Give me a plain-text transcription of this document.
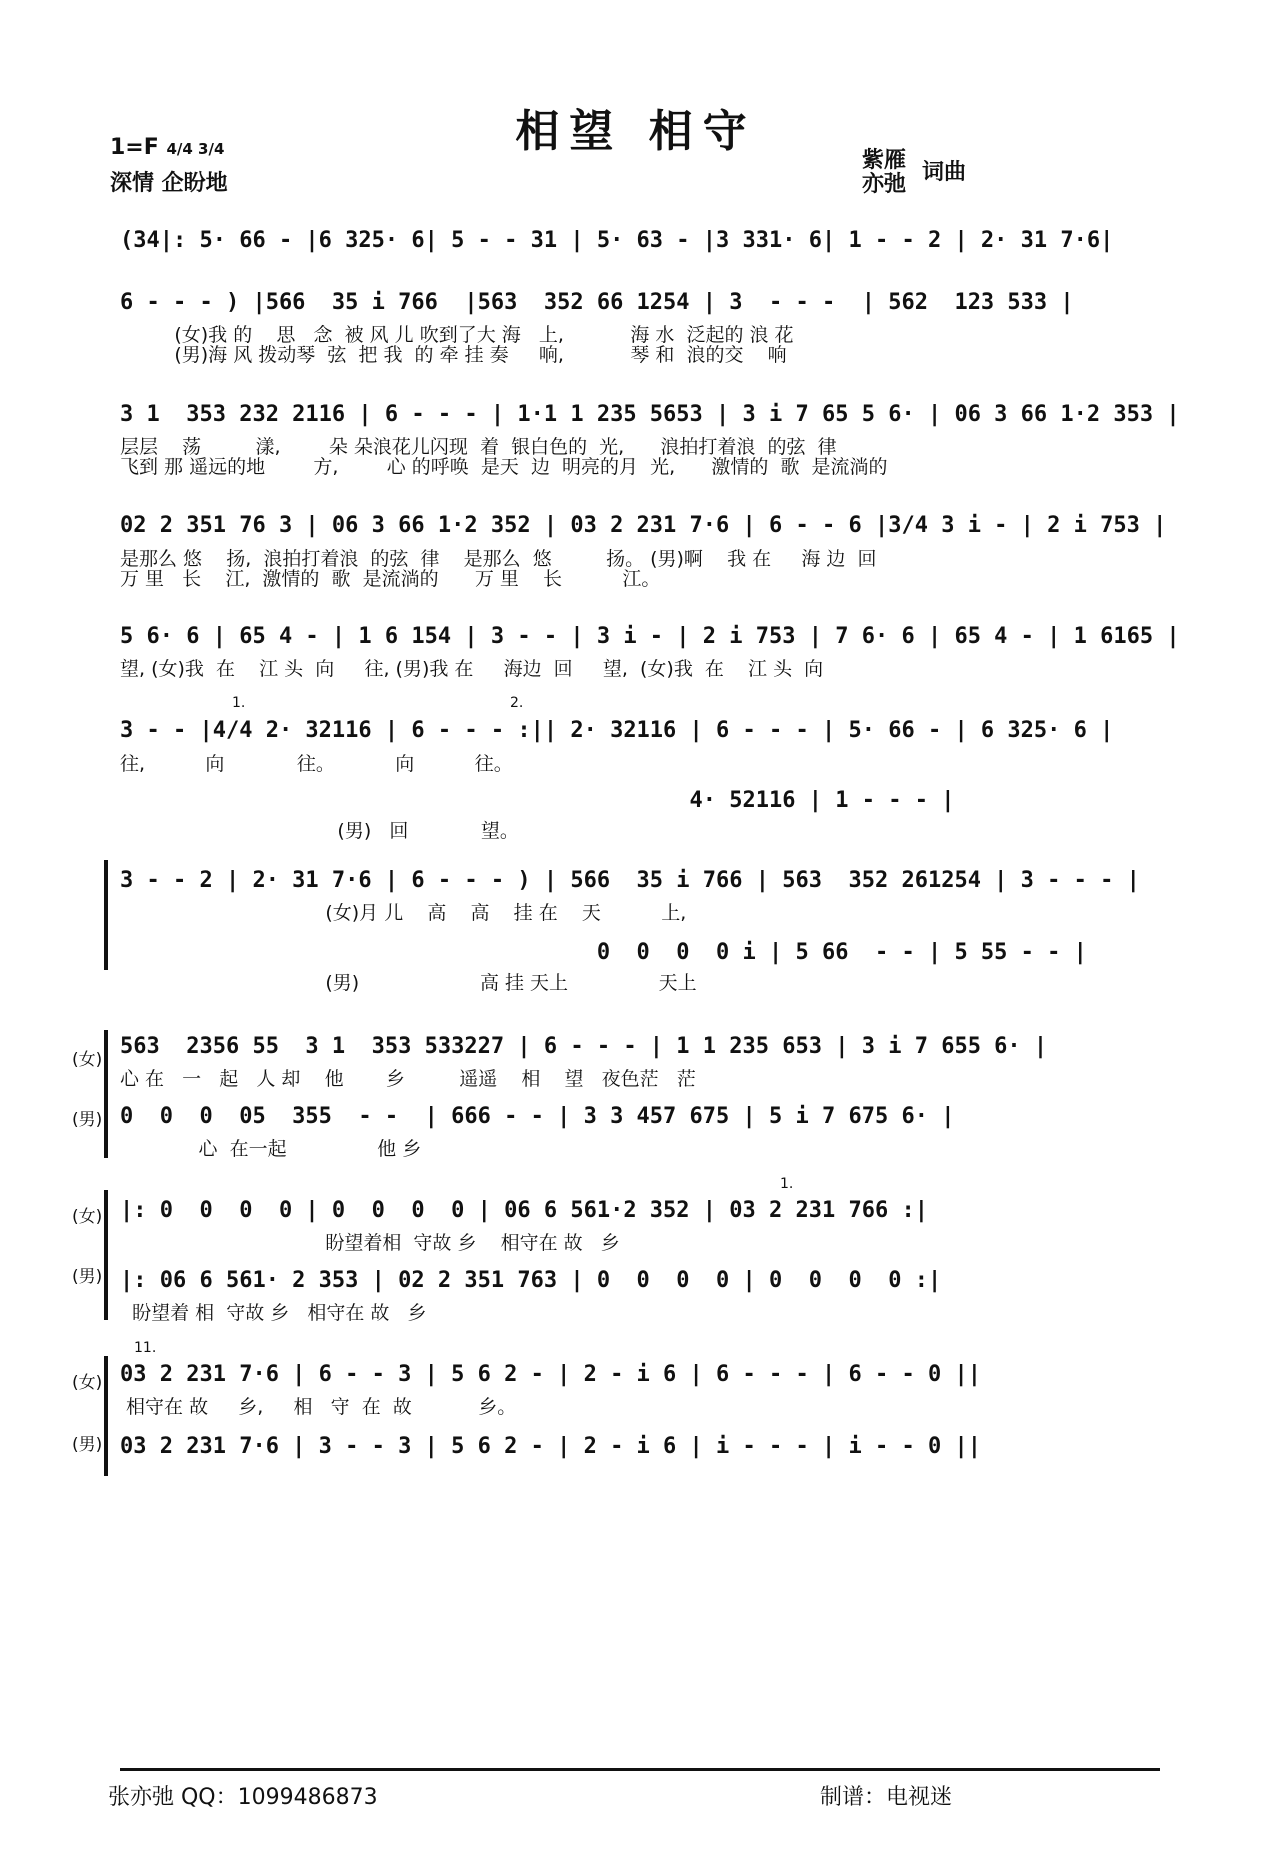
相望 相守
1=F 4/4 3/4
深情 企盼地
紫雁
亦弛 词曲
(34|: 5· 66 - |6 325· 6| 5 - - 31 | 5· 63 - |3 331· 6| 1 - - 2 | 2· 31 7·6|
6 - - - ) |566  35 i 766  |563  352 66 1254 | 3  - - -  | 562  123 533 |
(女)我 的    思   念  被 风 儿 吹到了大 海   上,           海 水  泛起的 浪 花
(男)海 风 拨动琴  弦  把 我  的 牵 挂 奏     响,           琴 和  浪的交    响
3 1  353 232 2116 | 6 - - - | 1·1 1 235 5653 | 3 i 7 65 5 6· | 06 3 66 1·2 353 |
层层    荡         漾,        朵 朵浪花儿闪现  着  银白色的  光,      浪拍打着浪  的弦  律
飞到 那 遥远的地        方,        心 的呼唤  是天  边  明亮的月  光,      激情的  歌  是流淌的
02 2 351 76 3 | 06 3 66 1·2 352 | 03 2 231 7·6 | 6 - - 6 |3/4 3 i - | 2 i 753 |
是那么 悠    扬,  浪拍打着浪  的弦  律    是那么  悠         扬。 (男)啊    我 在     海 边  回
万 里   长    江,  激情的  歌  是流淌的      万 里    长          江。
5 6· 6 | 65 4 - | 1 6 154 | 3 - - | 3 i - | 2 i 753 | 7 6· 6 | 65 4 - | 1 6165 |
望, (女)我  在    江 头  向     往, (男)我 在     海边  回     望,  (女)我  在    江 头  向
1.	2.
3 - - |4/4 2· 32116 | 6 - - - :|| 2· 32116 | 6 - - - | 5· 66 - | 6 325· 6 |
往,          向            往。          向          往。
4· 52116 | 1 - - - |
(男)   回            望。
3 - - 2 | 2· 31 7·6 | 6 - - - ) | 566  35 i 766 | 563  352 261254 | 3 - - - |
(女)月 儿    高    高    挂 在    天          上,
0  0  0  0 i | 5 66  - - | 5 55 - - |
(男)                    高 挂 天上               天上
(女)
(男)
563  2356 55  3 1  353 533227 | 6 - - - | 1 1 235 653 | 3 i 7 655 6· |
心 在   一   起   人 却    他       乡         遥遥    相    望   夜色茫   茫
0  0  0  05  355  - -  | 666 - - | 3 3 457 675 | 5 i 7 675 6· |
心  在一起               他 乡
1.
(女)
(男)
|: 0  0  0  0 | 0  0  0  0 | 06 6 561·2 352 | 03 2 231 766 :|
盼望着相  守故 乡    相守在 故   乡
|: 06 6 561· 2 353 | 02 2 351 763 | 0  0  0  0 | 0  0  0  0 :|
盼望着 相  守故 乡   相守在 故   乡
11.
(女)
(男)
03 2 231 7·6 | 6 - - 3 | 5 6 2 - | 2 - i 6 | 6 - - - | 6 - - 0 ||
相守在 故     乡,     相   守  在  故           乡。
03 2 231 7·6 | 3 - - 3 | 5 6 2 - | 2 - i 6 | i - - - | i - - 0 ||
张亦弛 QQ：1099486873	制谱：电视迷
